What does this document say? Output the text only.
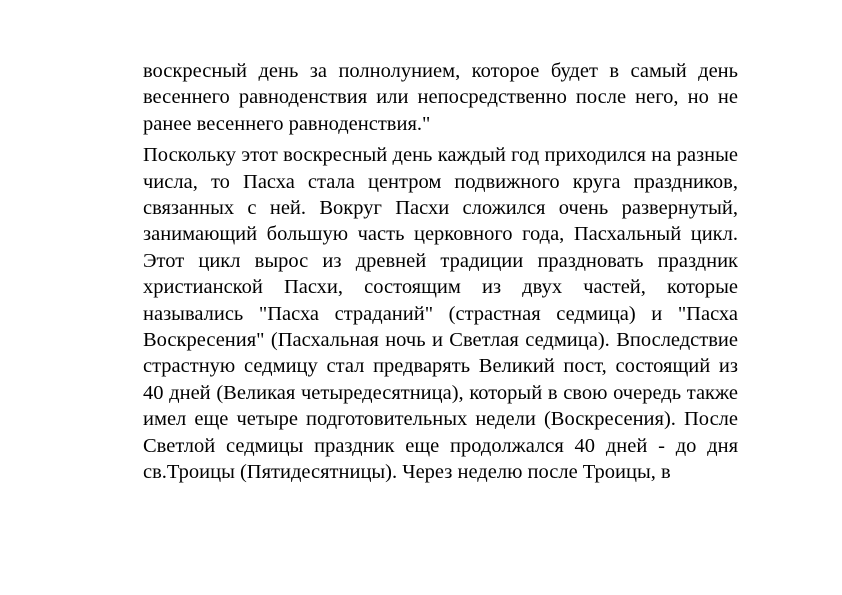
воскресный день за полнолунием, которое будет в самый день весеннего равноденствия или непосредственно после него, но не ранее весеннего равноденствия."

Поскольку этот воскресный день каждый год приходился на разные числа, то Пасха стала центром подвижного круга праздников, связанных с ней. Вокруг Пасхи сложился очень развернутый, занимающий большую часть церковного года, Пасхальный цикл. Этот цикл вырос из древней традиции праздновать праздник христианской Пасхи, состоящим из двух частей, которые назывались "Пасха страданий" (страстная седмица) и "Пасха Воскресения" (Пасхальная ночь и Светлая седмица). Впоследствие страстную седмицу стал предварять Великий пост, состоящий из 40 дней (Великая четыредесятница), который в свою очередь также имел еще четыре подготовительных недели (Воскресения). После Светлой седмицы праздник еще продолжался 40 дней - до дня св.Троицы (Пятидесятницы). Через неделю после Троицы, в
